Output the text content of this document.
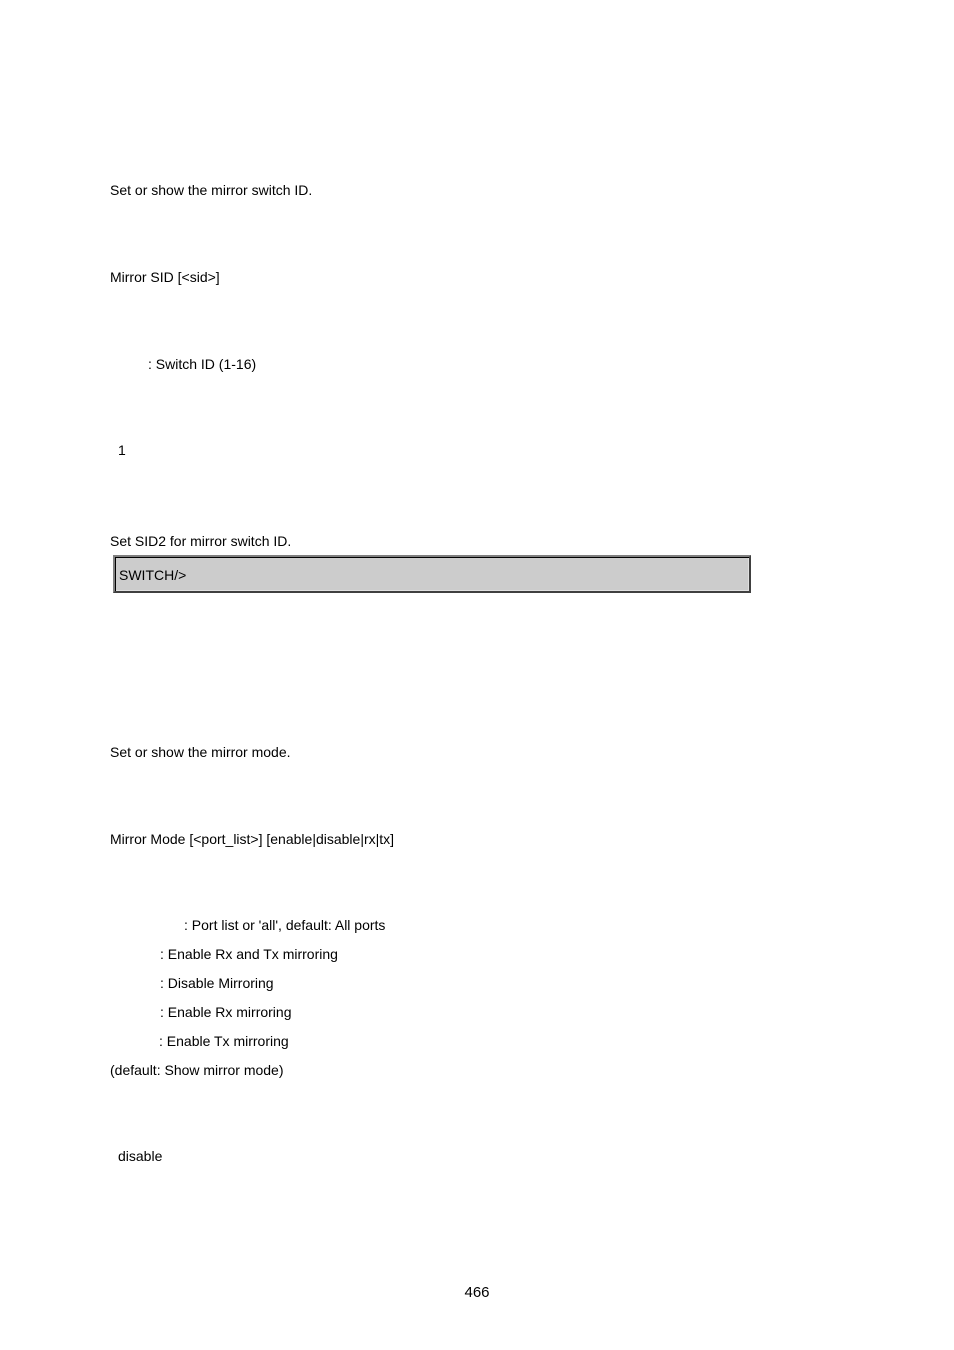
Set or show the mirror switch ID.
Mirror SID [<sid>]
: Switch ID (1-16)
1
Set SID2 for mirror switch ID.
SWITCH/>
Set or show the mirror mode.
Mirror Mode [<port_list>] [enable|disable|rx|tx]
: Port list or 'all', default: All ports
: Enable Rx and Tx mirroring
: Disable Mirroring
: Enable Rx mirroring
: Enable Tx mirroring
(default: Show mirror mode)
disable
466
